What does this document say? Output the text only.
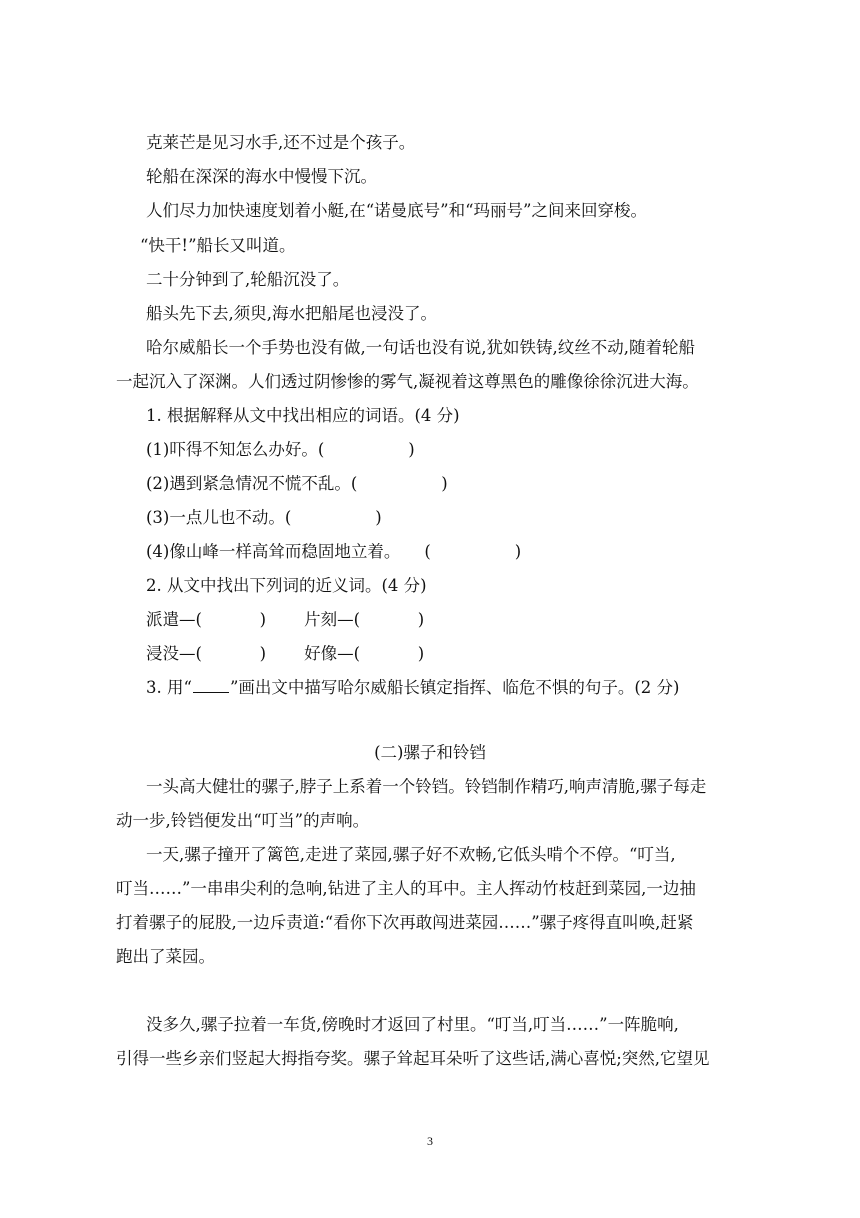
克莱芒是见习水手,还不过是个孩子。
轮船在深深的海水中慢慢下沉。
人们尽力加快速度划着小艇,在“诺曼底号”和“玛丽号”之间来回穿梭。
“快干!”船长又叫道。
二十分钟到了,轮船沉没了。
船头先下去,须臾,海水把船尾也浸没了。
哈尔威船长一个手势也没有做,一句话也没有说,犹如铁铸,纹丝不动,随着轮船
一起沉入了深渊。人们透过阴惨惨的雾气,凝视着这尊黑色的雕像徐徐沉进大海。
1. 根据解释从文中找出相应的词语。(4 分)
(1)吓得不知怎么办好。(                )
(2)遇到紧急情况不慌不乱。(                )
(3)一点儿也不动。(                )
(4)像山峰一样高耸而稳固地立着。 (                )
2. 从文中找出下列词的近义词。(4 分)
派遣—(           ) 片刻—(           )
浸没—(           ) 好像—(           )
3. 用“ ”画出文中描写哈尔威船长镇定指挥、临危不惧的句子。(2 分)
(二)骡子和铃铛
一头高大健壮的骡子,脖子上系着一个铃铛。铃铛制作精巧,响声清脆,骡子每走
动一步,铃铛便发出“叮当”的声响。
一天,骡子撞开了篱笆,走进了菜园,骡子好不欢畅,它低头啃个不停。“叮当,
叮当……”一串串尖利的急响,钻进了主人的耳中。主人挥动竹枝赶到菜园,一边抽
打着骡子的屁股,一边斥责道:“看你下次再敢闯进菜园……”骡子疼得直叫唤,赶紧
跑出了菜园。
没多久,骡子拉着一车货,傍晚时才返回了村里。“叮当,叮当……”一阵脆响,
引得一些乡亲们竖起大拇指夸奖。骡子耸起耳朵听了这些话,满心喜悦;突然,它望见
3
